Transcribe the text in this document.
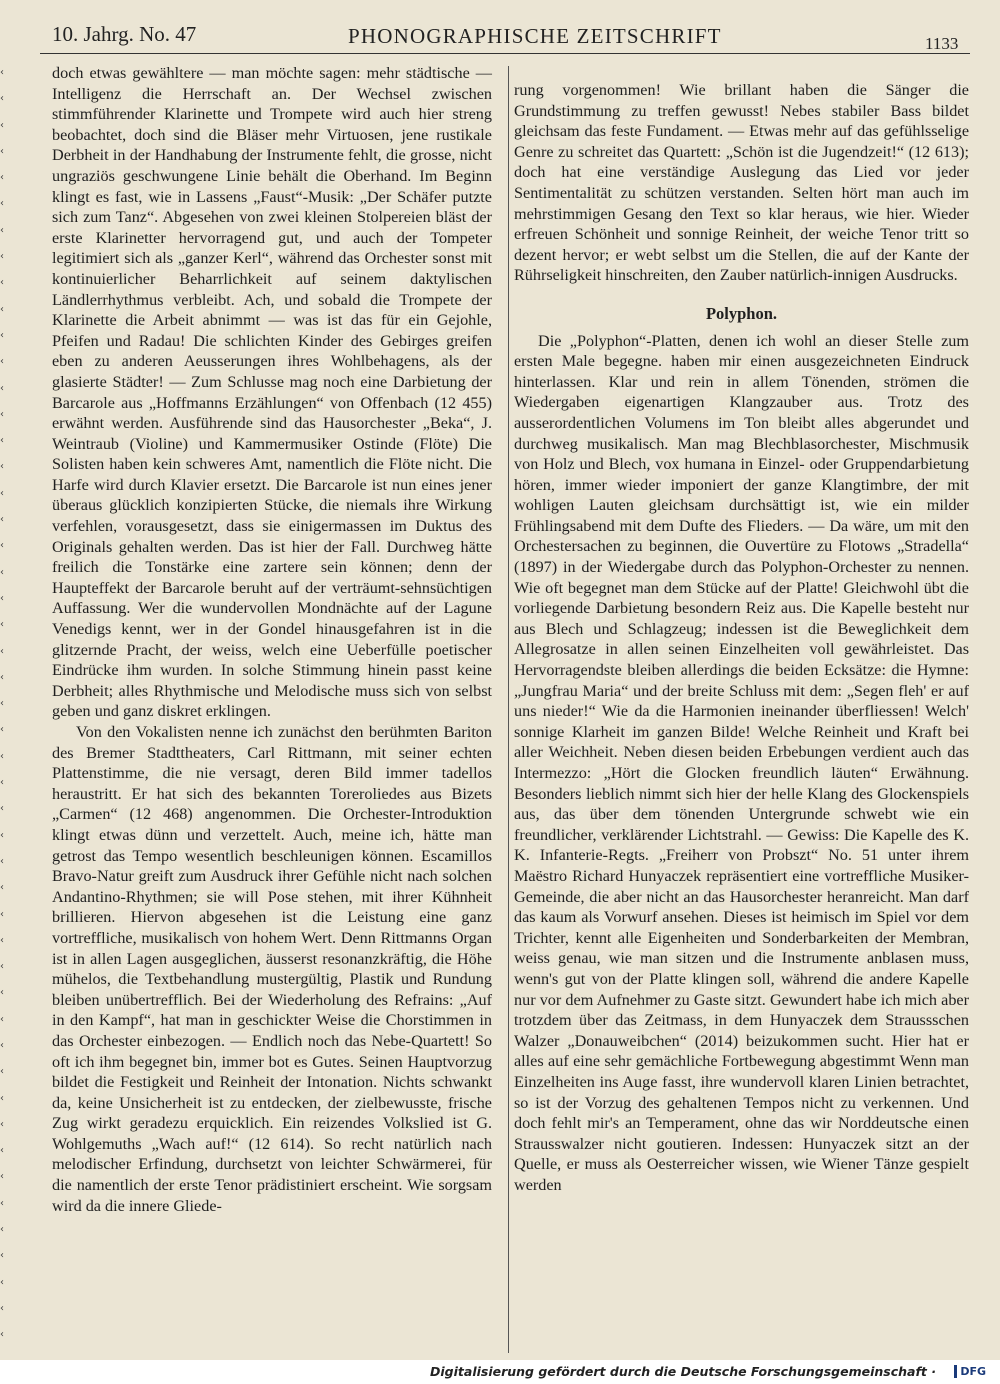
‹
‹
‹
‹
‹
‹
‹
‹
‹
‹
‹
‹
‹
‹
‹
‹
‹
‹
‹
‹
‹
‹
‹
‹
‹
‹
‹
‹
‹
‹
‹
‹
‹
‹
‹
‹
‹
‹
‹
‹
‹
‹
‹
‹
‹
‹
‹
‹
‹
10. Jahrg. No. 47	PHONOGRAPHISCHE ZEITSCHRIFT	1133

doch etwas gewähltere — man möchte sagen: mehr städtische — Intelligenz die Herrschaft an. Der Wechsel zwischen stimmführender Klarinette und Trompete wird auch hier streng beobachtet, doch sind die Bläser mehr Virtuosen, jene rustikale Derbheit in der Handhabung der Instrumente fehlt, die grosse, nicht ungraziös geschwungene Linie behält die Oberhand. Im Beginn klingt es fast, wie in Lassens „Faust“-Musik: „Der Schäfer putzte sich zum Tanz“. Abgesehen von zwei kleinen Stolpereien bläst der erste Klarinetter hervorragend gut, und auch der Tompeter legitimiert sich als „ganzer Kerl“, während das Orchester sonst mit kontinuierlicher Beharrlichkeit auf seinem daktylischen Ländlerrhythmus verbleibt. Ach, und sobald die Trompete der Klarinette die Arbeit abnimmt — was ist das für ein Gejohle, Pfeifen und Radau! Die schlichten Kinder des Gebirges greifen eben zu anderen Aeusserungen ihres Wohlbehagens, als der glasierte Städter! — Zum Schlusse mag noch eine Darbietung der Barcarole aus „Hoffmanns Erzählungen“ von Offenbach (12 455) erwähnt werden. Ausführende sind das Hausorchester „Beka“, J. Weintraub (Violine) und Kammermusiker Ostinde (Flöte) Die Solisten haben kein schweres Amt, namentlich die Flöte nicht. Die Harfe wird durch Klavier ersetzt. Die Barcarole ist nun eines jener überaus glücklich konzipierten Stücke, die niemals ihre Wirkung verfehlen, vorausgesetzt, dass sie einigermassen im Duktus des Originals gehalten werden. Das ist hier der Fall. Durchweg hätte freilich die Tonstärke eine zartere sein können; denn der Haupteffekt der Barcarole beruht auf der verträumt-sehnsüchtigen Auffassung. Wer die wundervollen Mondnächte auf der Lagune Venedigs kennt, wer in der Gondel hinausgefahren ist in die glitzernde Pracht, der weiss, welch eine Ueberfülle poetischer Eindrücke ihm wurden. In solche Stimmung hinein passt keine Derbheit; alles Rhythmische und Melodische muss sich von selbst geben und ganz diskret erklingen.

Von den Vokalisten nenne ich zunächst den berühmten Bariton des Bremer Stadttheaters, Carl Rittmann, mit seiner echten Plattenstimme, die nie versagt, deren Bild immer tadellos heraustritt. Er hat sich des bekannten Toreroliedes aus Bizets „Carmen“ (12 468) angenommen. Die Orchester-Introduktion klingt etwas dünn und verzettelt. Auch, meine ich, hätte man getrost das Tempo wesentlich beschleunigen können. Escamillos Bravo-Natur greift zum Ausdruck ihrer Gefühle nicht nach solchen Andantino-Rhythmen; sie will Pose stehen, mit ihrer Kühnheit brillieren. Hiervon abgesehen ist die Leistung eine ganz vortreffliche, musikalisch von hohem Wert. Denn Rittmanns Organ ist in allen Lagen ausgeglichen, äusserst resonanzkräftig, die Höhe mühelos, die Textbehandlung mustergültig, Plastik und Rundung bleiben unübertrefflich. Bei der Wiederholung des Refrains: „Auf in den Kampf“, hat man in geschickter Weise die Chorstimmen in das Orchester einbezogen. — Endlich noch das Nebe-Quartett! So oft ich ihm begegnet bin, immer bot es Gutes. Seinen Hauptvorzug bildet die Festigkeit und Reinheit der Intonation. Nichts schwankt da, keine Unsicherheit ist zu entdecken, der zielbewusste, frische Zug wirkt geradezu erquicklich. Ein reizendes Volkslied ist G. Wohlgemuths „Wach auf!“ (12 614). So recht natürlich nach melodischer Erfindung, durchsetzt von leichter Schwärmerei, für die namentlich der erste Tenor prädistiniert erscheint. Wie sorgsam wird da die innere Gliede-

rung vorgenommen! Wie brillant haben die Sänger die Grundstimmung zu treffen gewusst! Nebes stabiler Bass bildet gleichsam das feste Fundament. — Etwas mehr auf das gefühlsselige Genre zu schreitet das Quartett: „Schön ist die Jugendzeit!“ (12 613); doch hat eine verständige Auslegung das Lied vor jeder Sentimentalität zu schützen verstanden. Selten hört man auch im mehrstimmigen Gesang den Text so klar heraus, wie hier. Wieder erfreuen Schönheit und sonnige Reinheit, der weiche Tenor tritt so dezent hervor; er webt selbst um die Stellen, die auf der Kante der Rührseligkeit hinschreiten, den Zauber natürlich-innigen Ausdrucks.

Polyphon.

Die „Polyphon“-Platten, denen ich wohl an dieser Stelle zum ersten Male begegne. haben mir einen ausgezeichneten Eindruck hinterlassen. Klar und rein in allem Tönenden, strömen die Wiedergaben eigenartigen Klangzauber aus. Trotz des ausserordentlichen Volumens im Ton bleibt alles abgerundet und durchweg musikalisch. Man mag Blechblasorchester, Mischmusik von Holz und Blech, vox humana in Einzel- oder Gruppendarbietung hören, immer wieder imponiert der ganze Klangtimbre, der mit wohligen Lauten gleichsam durchsättigt ist, wie ein milder Frühlingsabend mit dem Dufte des Flieders. — Da wäre, um mit den Orchestersachen zu beginnen, die Ouvertüre zu Flotows „Stradella“ (1897) in der Wiedergabe durch das Polyphon-Orchester zu nennen. Wie oft begegnet man dem Stücke auf der Platte! Gleichwohl übt die vorliegende Darbietung besondern Reiz aus. Die Kapelle besteht nur aus Blech und Schlagzeug; indessen ist die Beweglichkeit dem Allegrosatze in allen seinen Einzelheiten voll gewährleistet. Das Hervorragendste bleiben allerdings die beiden Ecksätze: die Hymne: „Jungfrau Maria“ und der breite Schluss mit dem: „Segen fleh' er auf uns nieder!“ Wie da die Harmonien ineinander überfliessen! Welch' sonnige Klarheit im ganzen Bilde! Welche Reinheit und Kraft bei aller Weichheit. Neben diesen beiden Erbebungen verdient auch das Intermezzo: „Hört die Glocken freundlich läuten“ Erwähnung. Besonders lieblich nimmt sich hier der helle Klang des Glockenspiels aus, das über dem tönenden Untergrunde schwebt wie ein freundlicher, verklärender Lichtstrahl. — Gewiss: Die Kapelle des K. K. Infanterie-Regts. „Freiherr von Probszt“ No. 51 unter ihrem Maëstro Richard Hunyaczek repräsentiert eine vortreffliche Musiker-Gemeinde, die aber nicht an das Hausorchester heranreicht. Man darf das kaum als Vorwurf ansehen. Dieses ist heimisch im Spiel vor dem Trichter, kennt alle Eigenheiten und Sonderbarkeiten der Membran, weiss genau, wie man sitzen und die Instrumente anblasen muss, wenn's gut von der Platte klingen soll, während die andere Kapelle nur vor dem Aufnehmer zu Gaste sitzt. Gewundert habe ich mich aber trotzdem über das Zeitmass, in dem Hunyaczek dem Straussschen Walzer „Donauweibchen“ (2014) beizukommen sucht. Hier hat er alles auf eine sehr gemächliche Fortbewegung abgestimmt Wenn man Einzelheiten ins Auge fasst, ihre wundervoll klaren Linien betrachtet, so ist der Vorzug des gehaltenen Tempos nicht zu verkennen. Und doch fehlt mir's an Temperament, ohne das wir Norddeutsche einen Strausswalzer nicht goutieren. Indessen: Hunyaczek sitzt an der Quelle, er muss als Oesterreicher wissen, wie Wiener Tänze gespielt werden

Digitalisierung gefördert durch die Deutsche Forschungsgemeinschaft ·	DFG
